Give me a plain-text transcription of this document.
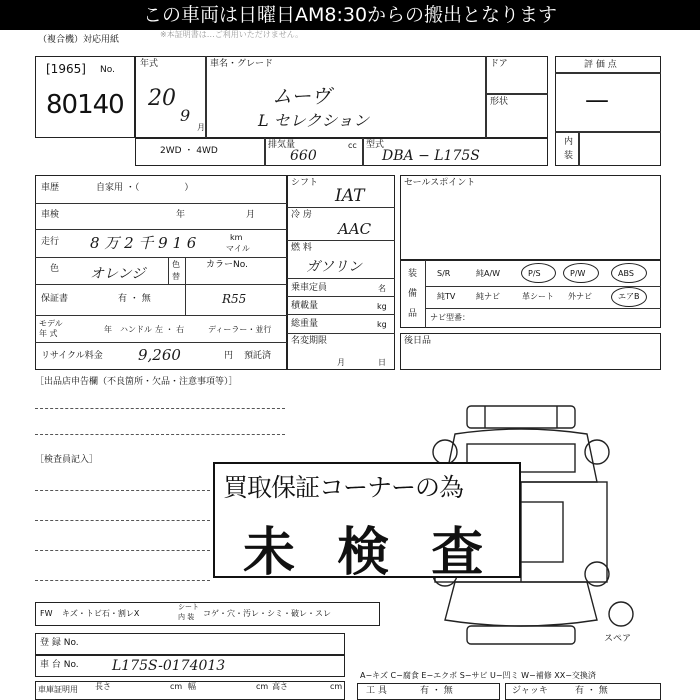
この車両は日曜日AM8:30からの搬出となります
（複合機）対応用紙
※本証明書は…ご利用いただけません。
[1965] No.
80140
年式
20
9
月
車名・グレード
ムーヴ
L セレクション
ドア
形状
2WD ・ 4WD
排気量
660
cc 型式
DBA − L175S
評 価 点
—
内
装
車歴	自家用 ・（　　　　　）
車検	年	月
走行 8 万 2 千 9 1 6	km
マイル
色 オレンジ
色
替
カラーNo.
R55
保証書	有 ・ 無
モデル
年 式	年 ハンドル 左 ・ 右	ディーラー・並行
リサイクル料金 9,260	円 預託済
シフト
IAT
冷 房
AAC
燃 料
ガソリン
乗車定員	名
積載量	kg
総重量	kg
名変期限
月	日
セールスポイント
装
備
品
S/R	純A/W	P/S	P/W	ABS
純TV	純ナビ	革シート 外ナビ	エアB
ナビ型番：
後日品
［出品店申告欄（不良箇所・欠品・注意事項等）］
［検査員記入］
スペア
買取保証コーナーの為
未 検 査
FW キズ・トビ石・割レX
シート
内 装 コゲ・穴・汚レ・シミ・破レ・スレ
A−キズ C−腐食 E−エクボ S−サビ U−凹ミ W−補修 XX−交換済
登 録 No.
車 台 No. L175S-0174013
車庫証明用 長さ	cm 幅	cm 高さ	cm	工 具	有 ・ 無	ジャッキ	有 ・ 無
